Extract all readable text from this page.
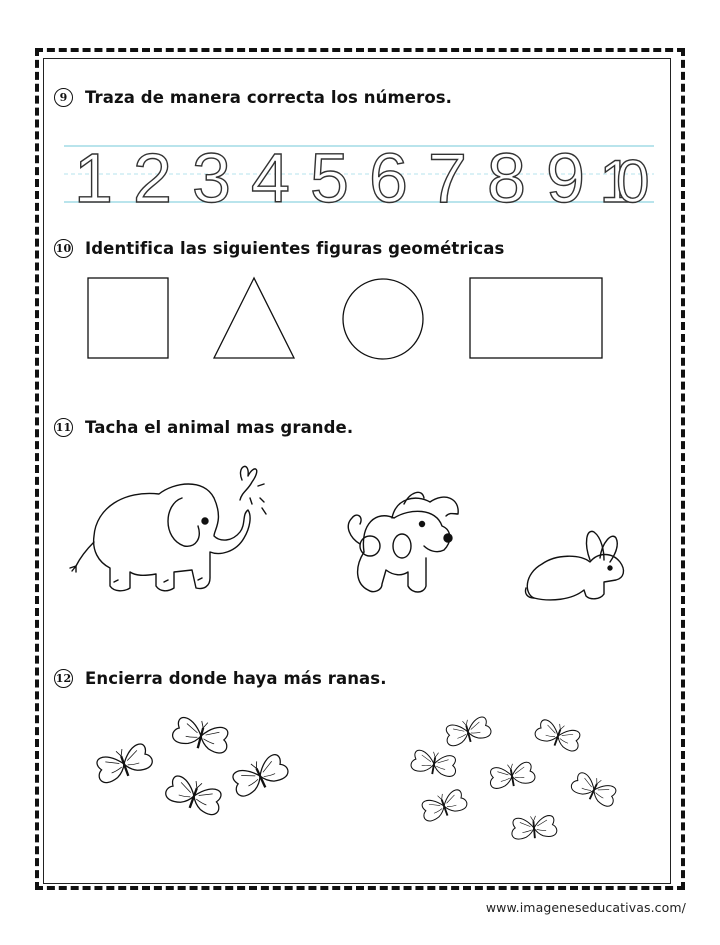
9	Traza de manera correcta los números.
1 2 3 4 5 6 7 8 9 10
10 Identifica las siguientes figuras geométricas
11 Tacha el animal mas grande.
12 Encierra donde haya más ranas.
www.imageneseducativas.com/
